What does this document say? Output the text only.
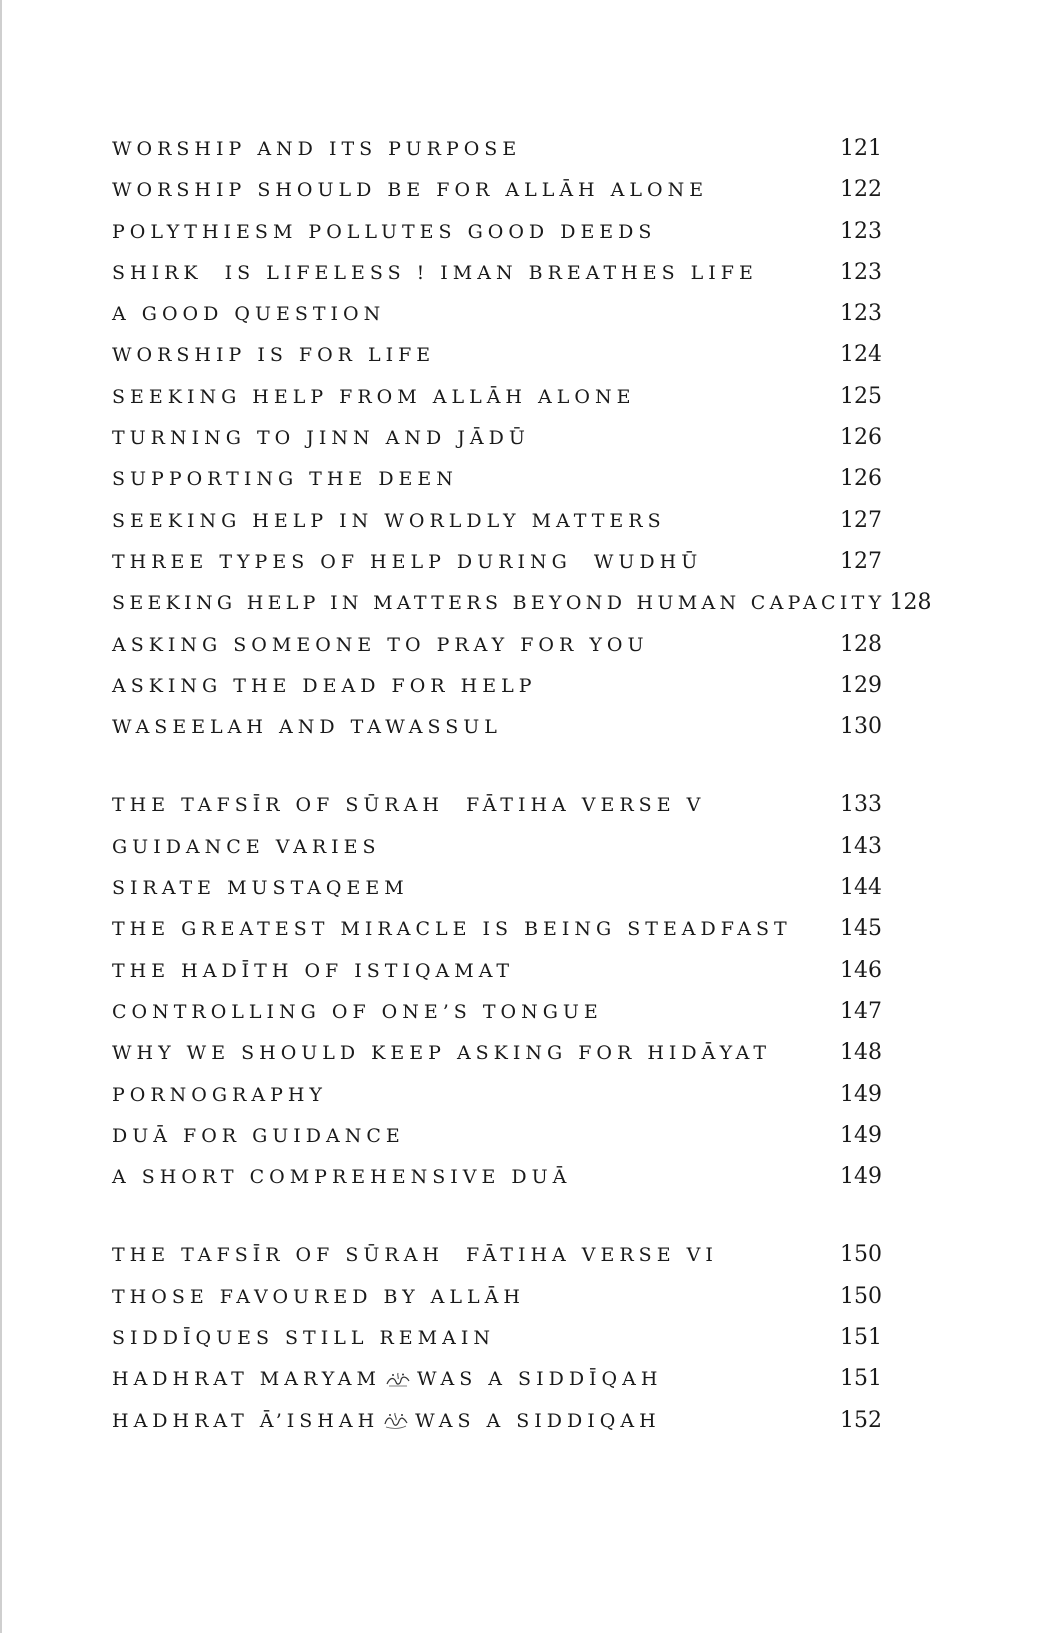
WORSHIP AND ITS PURPOSE	121
WORSHIP SHOULD BE FOR ALLĀH ALONE	122
POLYTHIESM POLLUTES GOOD DEEDS	123
SHIRK  IS LIFELESS ! IMAN BREATHES LIFE	123
A GOOD QUESTION	123
WORSHIP IS FOR LIFE	124
SEEKING HELP FROM ALLĀH ALONE	125
TURNING TO JINN AND JĀDŪ	126
SUPPORTING THE DEEN	126
SEEKING HELP IN WORLDLY MATTERS	127
THREE TYPES OF HELP DURING  WUDHŪ	127
SEEKING HELP IN MATTERS BEYOND HUMAN CAPACITY 128
ASKING SOMEONE TO PRAY FOR YOU	128
ASKING THE DEAD FOR HELP	129
WASEELAH AND TAWASSUL	130
THE TAFSĪR OF SŪRAH  FĀTIHA VERSE V	133
GUIDANCE VARIES	143
SIRATE MUSTAQEEM	144
THE GREATEST MIRACLE IS BEING STEADFAST 145
THE HADĪTH OF ISTIQAMAT	146
CONTROLLING OF ONE’S TONGUE	147
WHY WE SHOULD KEEP ASKING FOR HIDĀYAT	148
PORNOGRAPHY	149
DUĀ FOR GUIDANCE	149
A SHORT COMPREHENSIVE DUĀ	149
THE TAFSĪR OF SŪRAH  FĀTIHA VERSE VI	150
THOSE FAVOURED BY ALLĀH	150
SIDDĪQUES STILL REMAIN	151
HADHRAT MARYAM WAS A SIDDĪQAH	151
HADHRAT Ā’ISHAH WAS A SIDDIQAH	152
